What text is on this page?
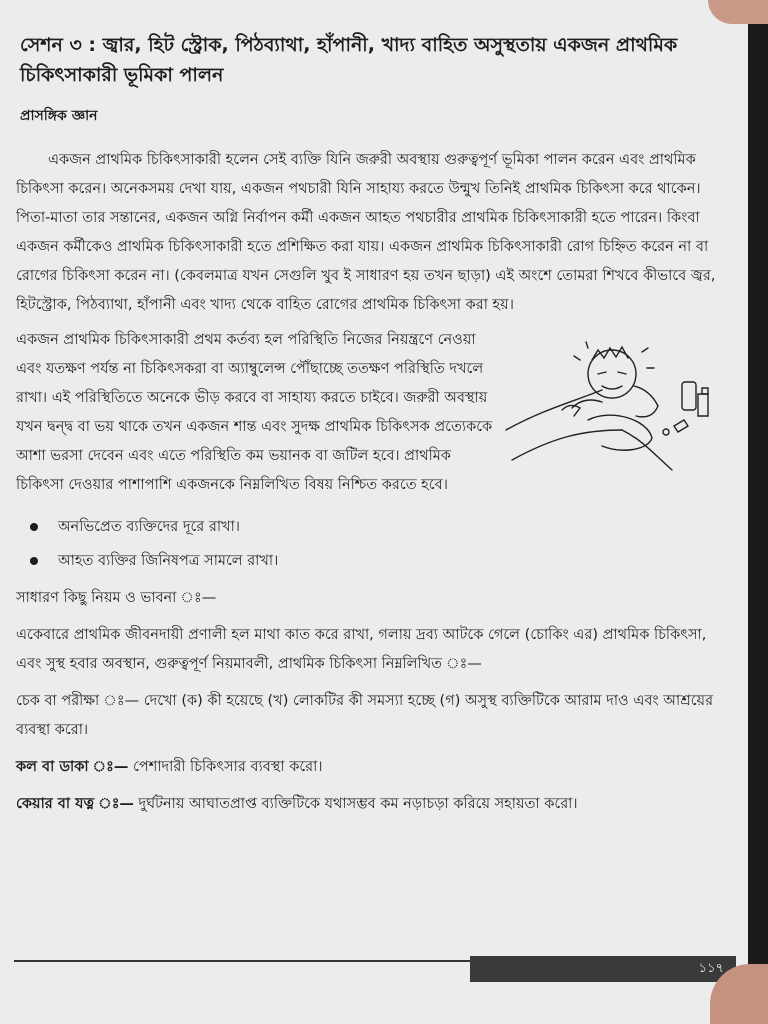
সেশন ৩ : জ্বার, হিট স্ট্রোক, পিঠব্যাথা, হাঁপানী, খাদ্য বাহিত অসুস্থতায় একজন প্রাথমিক চিকিৎসাকারী ভূমিকা পালন
প্রাসঙ্গিক জ্ঞান

একজন প্রাথমিক চিকিৎসাকারী হলেন সেই ব্যক্তি যিনি জরুরী অবস্থায় গুরুত্বপূর্ণ ভূমিকা পালন করেন এবং প্রাথমিক চিকিৎসা করেন। অনেকসময় দেখা যায়, একজন পথচারী যিনি সাহায্য করতে উন্মুখ তিনিই প্রাথমিক চিকিৎসা করে থাকেন। পিতা-মাতা তার সন্তানের, একজন অগ্নি নির্বাপন কর্মী একজন আহত পথচারীর প্রাথমিক চিকিৎসাকারী হতে পারেন। কিংবা একজন কর্মীকেও প্রাথমিক চিকিৎসাকারী হতে প্রশিক্ষিত করা যায়। একজন প্রাথমিক চিকিৎসাকারী রোগ চিহ্নিত করেন না বা রোগের চিকিৎসা করেন না। (কেবলমাত্র যখন সেগুলি খুব ই সাধারণ হয় তখন ছাড়া) এই অংশে তোমরা শিখবে কীভাবে জ্বর, হিটস্ট্রোক, পিঠব্যাথা, হাঁপানী এবং খাদ্য থেকে বাহিত রোগের প্রাথমিক চিকিৎসা করা হয়।

একজন প্রাথমিক চিকিৎসাকারী প্রথম কর্তব্য হল পরিস্থিতি নিজের নিয়ন্ত্রণে নেওয়া এবং যতক্ষণ পর্যন্ত না চিকিৎসকরা বা অ্যাম্বুলেন্স পৌঁছাচ্ছে ততক্ষণ পরিস্থিতি দখলে রাখা। এই পরিস্থিতিতে অনেকে ভীড় করবে বা সাহায্য করতে চাইবে। জরুরী অবস্থায় যখন দ্বন্দ্ব বা ভয় থাকে তখন একজন শান্ত এবং সুদক্ষ প্রাথমিক চিকিৎসক প্রত্যেককে আশা ভরসা দেবেন এবং এতে পরিস্থিতি কম ভয়ানক বা জটিল হবে। প্রাথমিক চিকিৎসা দেওয়ার পাশাপাশি একজনকে নিম্নলিখিত বিষয় নিশ্চিত করতে হবে।

অনভিপ্রেত ব্যক্তিদের দূরে রাখা।
আহত ব্যক্তির জিনিষপত্র সামলে রাখা।

সাধারণ কিছু নিয়ম ও ভাবনা ঃ—

একেবারে প্রাথমিক জীবনদায়ী প্রণালী হল মাথা কাত করে রাখা, গলায় দ্রব্য আটকে গেলে (চোকিং এর) প্রাথমিক চিকিৎসা, এবং সুস্থ হবার অবস্থান, গুরুত্বপূর্ণ নিয়মাবলী, প্রাথমিক চিকিৎসা নিম্নলিখিত ঃ—

চেক বা পরীক্ষা ঃ— দেখো (ক) কী হয়েছে (খ) লোকটির কী সমস্যা হচ্ছে (গ) অসুস্থ ব্যক্তিটিকে আরাম দাও এবং আশ্রয়ের ব্যবস্থা করো।

কল বা ডাকা ঃ— পেশাদারী চিকিৎসার ব্যবস্থা করো।

কেয়ার বা যত্ন ঃ— দুর্ঘটনায় আঘাতপ্রাপ্ত ব্যক্তিটিকে যথাসম্ভব কম নড়াচড়া করিয়ে সহায়তা করো।

১১৭
